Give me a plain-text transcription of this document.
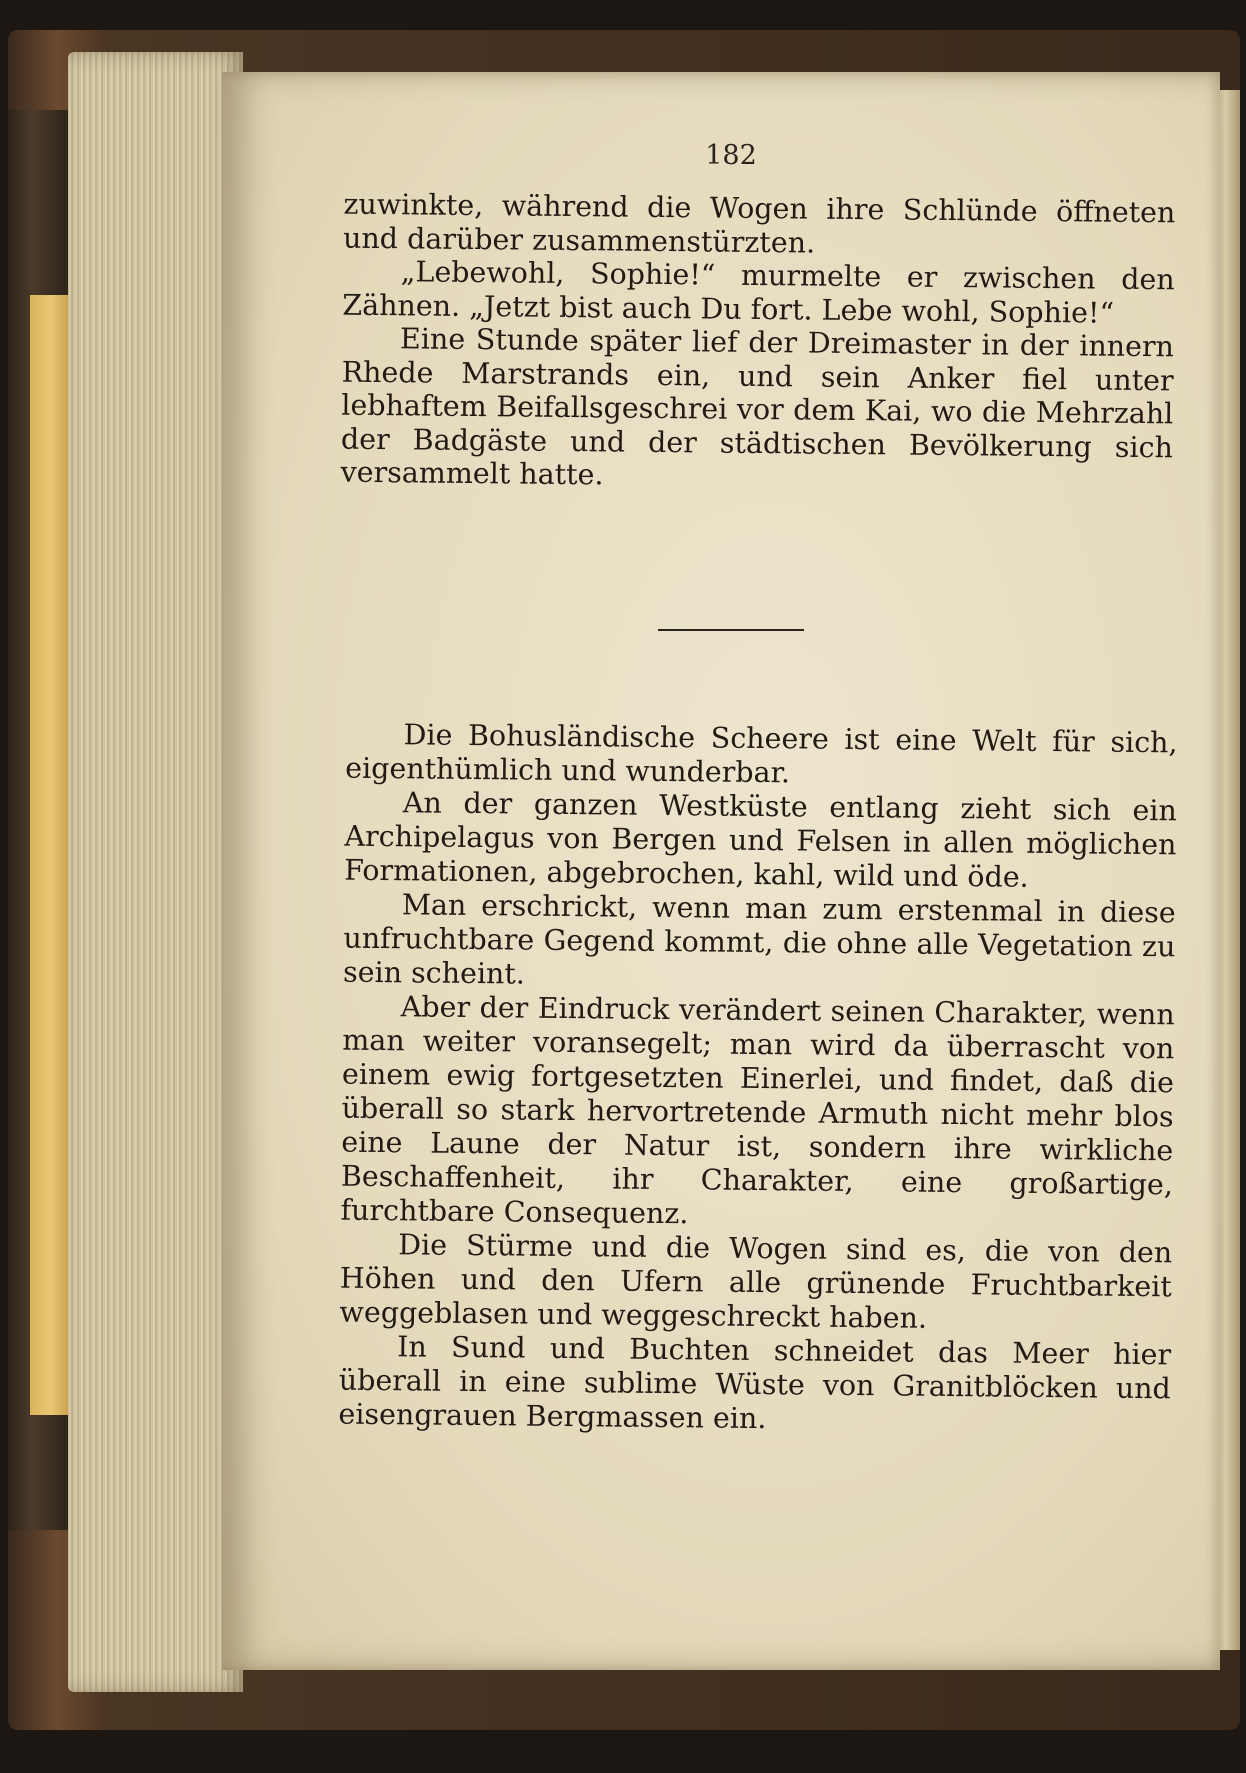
182

zuwinkte, während die Wogen ihre Schlünde öffneten und darüber zusammenstürzten.

„Lebewohl, Sophie!“ murmelte er zwischen den Zähnen. „Jetzt bist auch Du fort. Lebe wohl, Sophie!“

Eine Stunde später lief der Dreimaster in der innern Rhede Marstrands ein, und sein Anker fiel unter lebhaftem Beifallsgeschrei vor dem Kai, wo die Mehrzahl der Badgäste und der städtischen Bevölkerung sich versammelt hatte.

Die Bohusländische Scheere ist eine Welt für sich, eigenthümlich und wunderbar.

An der ganzen Westküste entlang zieht sich ein Archipelagus von Bergen und Felsen in allen möglichen Formationen, abgebrochen, kahl, wild und öde.

Man erschrickt, wenn man zum erstenmal in diese unfruchtbare Gegend kommt, die ohne alle Vegetation zu sein scheint.

Aber der Eindruck verändert seinen Charakter, wenn man weiter voransegelt; man wird da überrascht von einem ewig fortgesetzten Einerlei, und findet, daß die überall so stark hervortretende Armuth nicht mehr blos eine Laune der Natur ist, sondern ihre wirkliche Beschaffenheit, ihr Charakter, eine großartige, furchtbare Consequenz.

Die Stürme und die Wogen sind es, die von den Höhen und den Ufern alle grünende Fruchtbarkeit weggeblasen und weggeschreckt haben.

In Sund und Buchten schneidet das Meer hier überall in eine sublime Wüste von Granitblöcken und eisengrauen Bergmassen ein.
